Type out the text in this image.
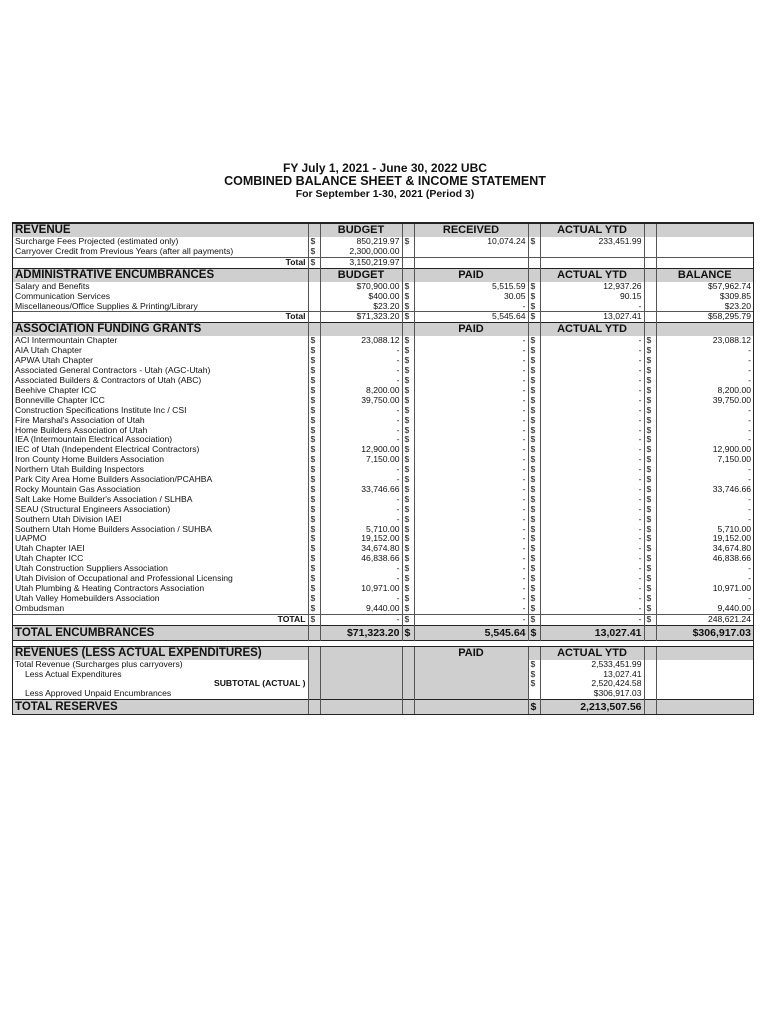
FY July 1, 2021 - June 30, 2022 UBC
COMBINED BALANCE SHEET & INCOME STATEMENT
For September 1-30, 2021 (Period 3)
REVENUE		BUDGET		RECEIVED		ACTUAL YTD		
Surcharge Fees Projected (estimated only)	$	850,219.97	$	10,074.24	$	233,451.99		
Carryover Credit from Previous Years (after all payments)	$	2,300,000.00						
Total	$	3,150,219.97						
ADMINISTRATIVE ENCUMBRANCES		BUDGET		PAID		ACTUAL YTD		BALANCE
Salary and Benefits		$70,900.00	$	5,515.59	$	12,937.26		$57,962.74
Communication Services		$400.00	$	30.05	$	90.15		$309.85
Miscellaneous/Office Supplies & Printing/Library		$23.20	$	-	$	-		$23.20
Total		$71,323.20	$	5,545.64	$	13,027.41		$58,295.79
ASSOCIATION FUNDING GRANTS				PAID		ACTUAL YTD		
ACI Intermountain Chapter	$	23,088.12	$	-	$	-	$	23,088.12
AIA Utah Chapter	$	-	$	-	$	-	$	-
APWA Utah Chapter	$	-	$	-	$	-	$	-
Associated General Contractors - Utah (AGC-Utah)	$	-	$	-	$	-	$	-
Associated Builders & Contractors of Utah (ABC)	$	-	$	-	$	-	$	-
Beehive Chapter ICC	$	8,200.00	$	-	$	-	$	8,200.00
Bonneville Chapter ICC	$	39,750.00	$	-	$	-	$	39,750.00
Construction Specifications Institute Inc / CSI	$	-	$	-	$	-	$	-
Fire Marshal's Association of Utah	$	-	$	-	$	-	$	-
Home Builders Association of Utah	$	-	$	-	$	-	$	-
IEA (Intermountain Electrical Association)	$	-	$	-	$	-	$	-
IEC of Utah (Independent Electrical Contractors)	$	12,900.00	$	-	$	-	$	12,900.00
Iron County Home Builders Association	$	7,150.00	$	-	$	-	$	7,150.00
Northern Utah Building Inspectors	$	-	$	-	$	-	$	-
Park City Area Home Builders Association/PCAHBA	$	-	$	-	$	-	$	-
Rocky Mountain Gas Association	$	33,746.66	$	-	$	-	$	33,746.66
Salt Lake Home Builder's Association / SLHBA	$	-	$	-	$	-	$	-
SEAU (Structural Engineers Association)	$	-	$	-	$	-	$	-
Southern Utah Division IAEI	$	-	$	-	$	-	$	-
Southern Utah Home Builders Association / SUHBA	$	5,710.00	$	-	$	-	$	5,710.00
UAPMO	$	19,152.00	$	-	$	-	$	19,152.00
Utah Chapter IAEI	$	34,674.80	$	-	$	-	$	34,674.80
Utah Chapter ICC	$	46,838.66	$	-	$	-	$	46,838.66
Utah Construction Suppliers Association	$	-	$	-	$	-	$	-
Utah Division of Occupational and Professional Licensing	$	-	$	-	$	-	$	-
Utah Plumbing & Heating Contractors Association	$	10,971.00	$	-	$	-	$	10,971.00
Utah Valley Homebuilders Association	$	-	$	-	$	-	$	-
Ombudsman	$	9,440.00	$	-	$	-	$	9,440.00
TOTAL	$	-	$	-	$	-	$	248,621.24
TOTAL ENCUMBRANCES		$71,323.20	$	5,545.64	$	13,027.41		$306,917.03

REVENUES (LESS ACTUAL EXPENDITURES)				PAID		ACTUAL YTD		
Total Revenue (Surcharges plus carryovers)					$	2,533,451.99		
Less Actual Expenditures					$	13,027.41		
SUBTOTAL (ACTUAL )					$	2,520,424.58		
Less Approved Unpaid Encumbrances						$306,917.03		
TOTAL RESERVES					$	2,213,507.56		
